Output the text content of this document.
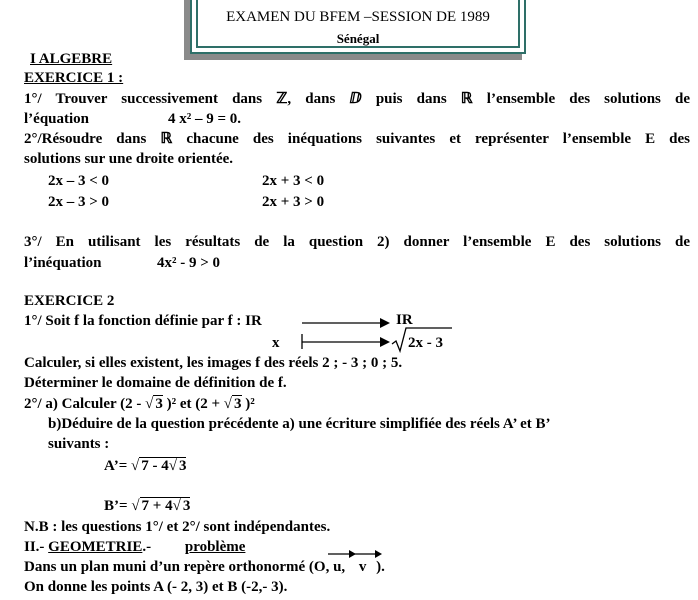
EXAMEN DU BFEM –SESSION DE 1989
Sénégal
I ALGEBRE
EXERCICE 1 :
1°/ Trouver successivement dans ℤ, dans ⅅ puis dans ℝ l’ensemble des solutions de
l’équation	4 x² – 9 = 0.
2°/Résoudre dans ℝ chacune des inéquations suivantes et représenter l’ensemble E des
solutions sur une droite orientée.
2x – 3 < 0	2x + 3 < 0
2x – 3 > 0	2x + 3 > 0
3°/ En utilisant les résultats de la question 2) donner l’ensemble E des solutions de
l’inéquation	4x² - 9 > 0
EXERCICE 2
1°/ Soit f la fonction définie par f : IR	IR
x	2x - 3
Calculer, si elles existent, les images f des réels 2 ; - 3 ; 0 ; 5.
Déterminer le domaine de définition de f.
2°/ a) Calculer (2 - √ 3 )² et (2 + √ 3 )²
b)Déduire de la question précédente a) une écriture simplifiée des réels A’ et B’
suivants :
A’= √ 7 - 4√ 3
B’= √ 7 + 4√ 3
N.B : les questions 1°/ et 2°/ sont indépendantes.
II.- GEOMETRIE.- problème
Dans un plan muni d’un repère orthonormé (O, u, v ).
On donne les points A (- 2, 3) et B (-2,- 3).
